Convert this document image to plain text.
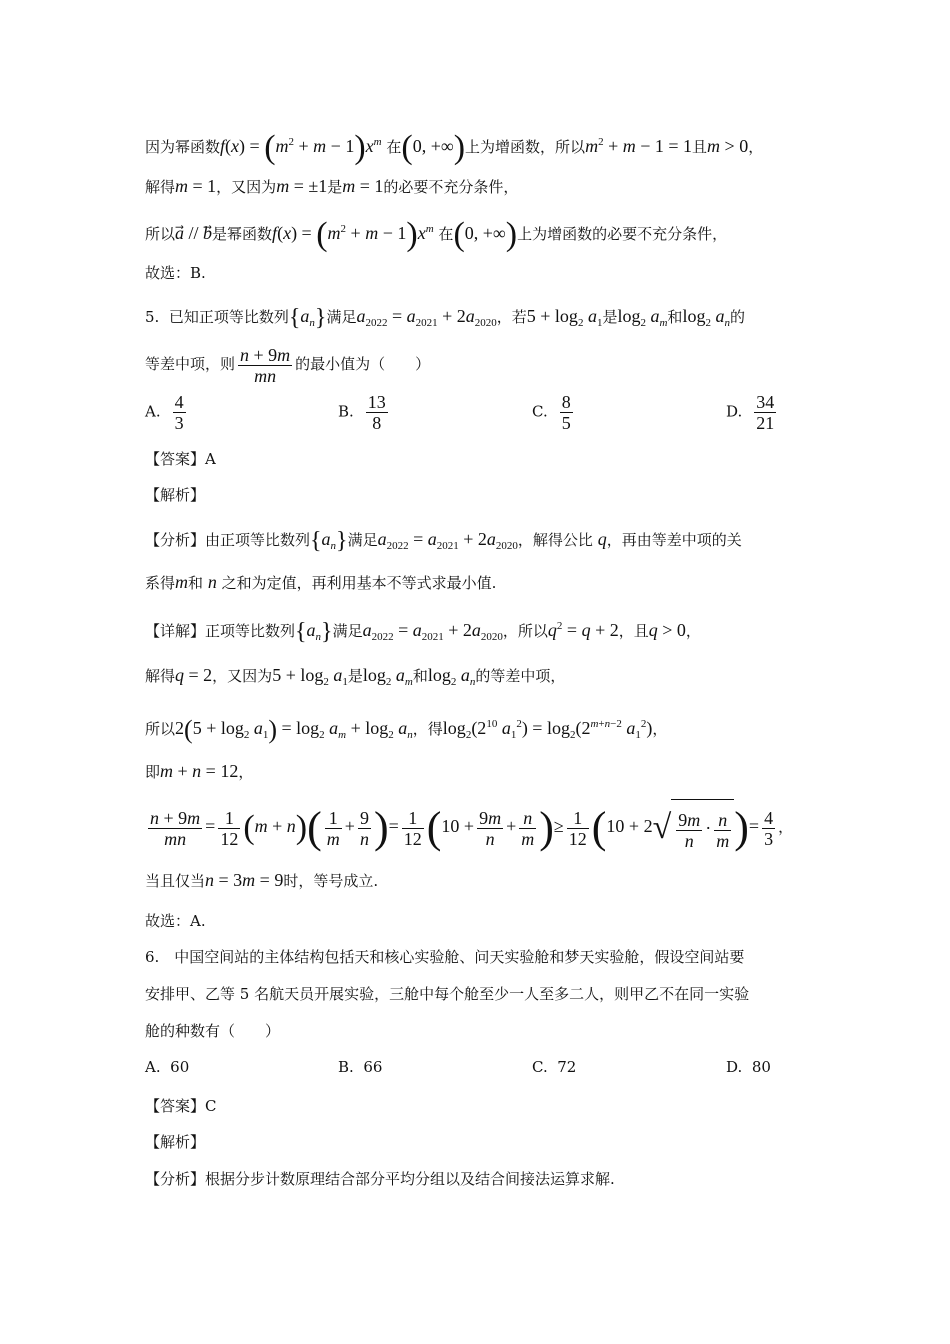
因为幂函数$f(x) = (m^2 + m - 1)x^m$ 在(0, +∞)上为增函数，所以$m^2 + m - 1 = 1$且m > 0，
解得m = 1，又因为m = ±1是m = 1的必要不充分条件，
所以a⃗ // b是幂函数$f(x) = (m^2 + m - 1)x^m$ 在(0, +∞)上为增函数的必要不充分条件，
故选：B.
5. 已知正项等比数列$\{a_n\}$满足$a_{2022} = a_{2021} + 2a_{2020}$，若$5 + \log_2 a_1$是$\log_2 a_m$和$\log_2 a_n$的
等差中项，则 $\frac{n + 9m}{mn}$ 的最小值为（　　）
A. $\frac{4}{3}$	B. $\frac{13}{8}$	C. $\frac{8}{5}$	D. $\frac{34}{21}$
【答案】A
【解析】
【分析】由正项等比数列$\{a_n\}$满足$a_{2022} = a_{2021} + 2a_{2020}$，解得公比 q，再由等差中项的关
系得m和 n 之和为定值，再利用基本不等式求最小值.
【详解】正项等比数列$\{a_n\}$满足$a_{2022} = a_{2021} + 2a_{2020}$，所以$q^2 = q + 2$，且q > 0，
解得q = 2，又因为$5 + \log_2 a_1$是$\log_2 a_m$和$\log_2 a_n$的等差中项，
所以$2(5 + \log_2 a_1) = \log_2 a_m + \log_2 a_n$，得$\log_2(2^{10}$ $a_1^2) = \log_2(2^{m+n-2}$ $a_1^2$)，
即m + n = 12，
$\frac{n + 9m}{mn} = \frac{1}{12} (m + n)( \frac{1}{m} + \frac{9}{n}$ )= $\frac{1}{12} (10 + \frac{9m}{n} + \frac{n}{m}$ )≥ $\frac{1}{12} (10 + 2√ \frac{9m}{n} \cdot \frac{n}{m}$ )= $\frac{4}{3}$ ，
当且仅当n = 3m = 9时，等号成立.
故选：A.
6.　中国空间站的主体结构包括天和核心实验舱、问天实验舱和梦天实验舱，假设空间站要
安排甲、乙等 5 名航天员开展实验，三舱中每个舱至少一人至多二人，则甲乙不在同一实验
舱的种数有（　　）
A. 60	B. 66	C. 72	D. 80
【答案】C
【解析】
【分析】根据分步计数原理结合部分平均分组以及结合间接法运算求解.
